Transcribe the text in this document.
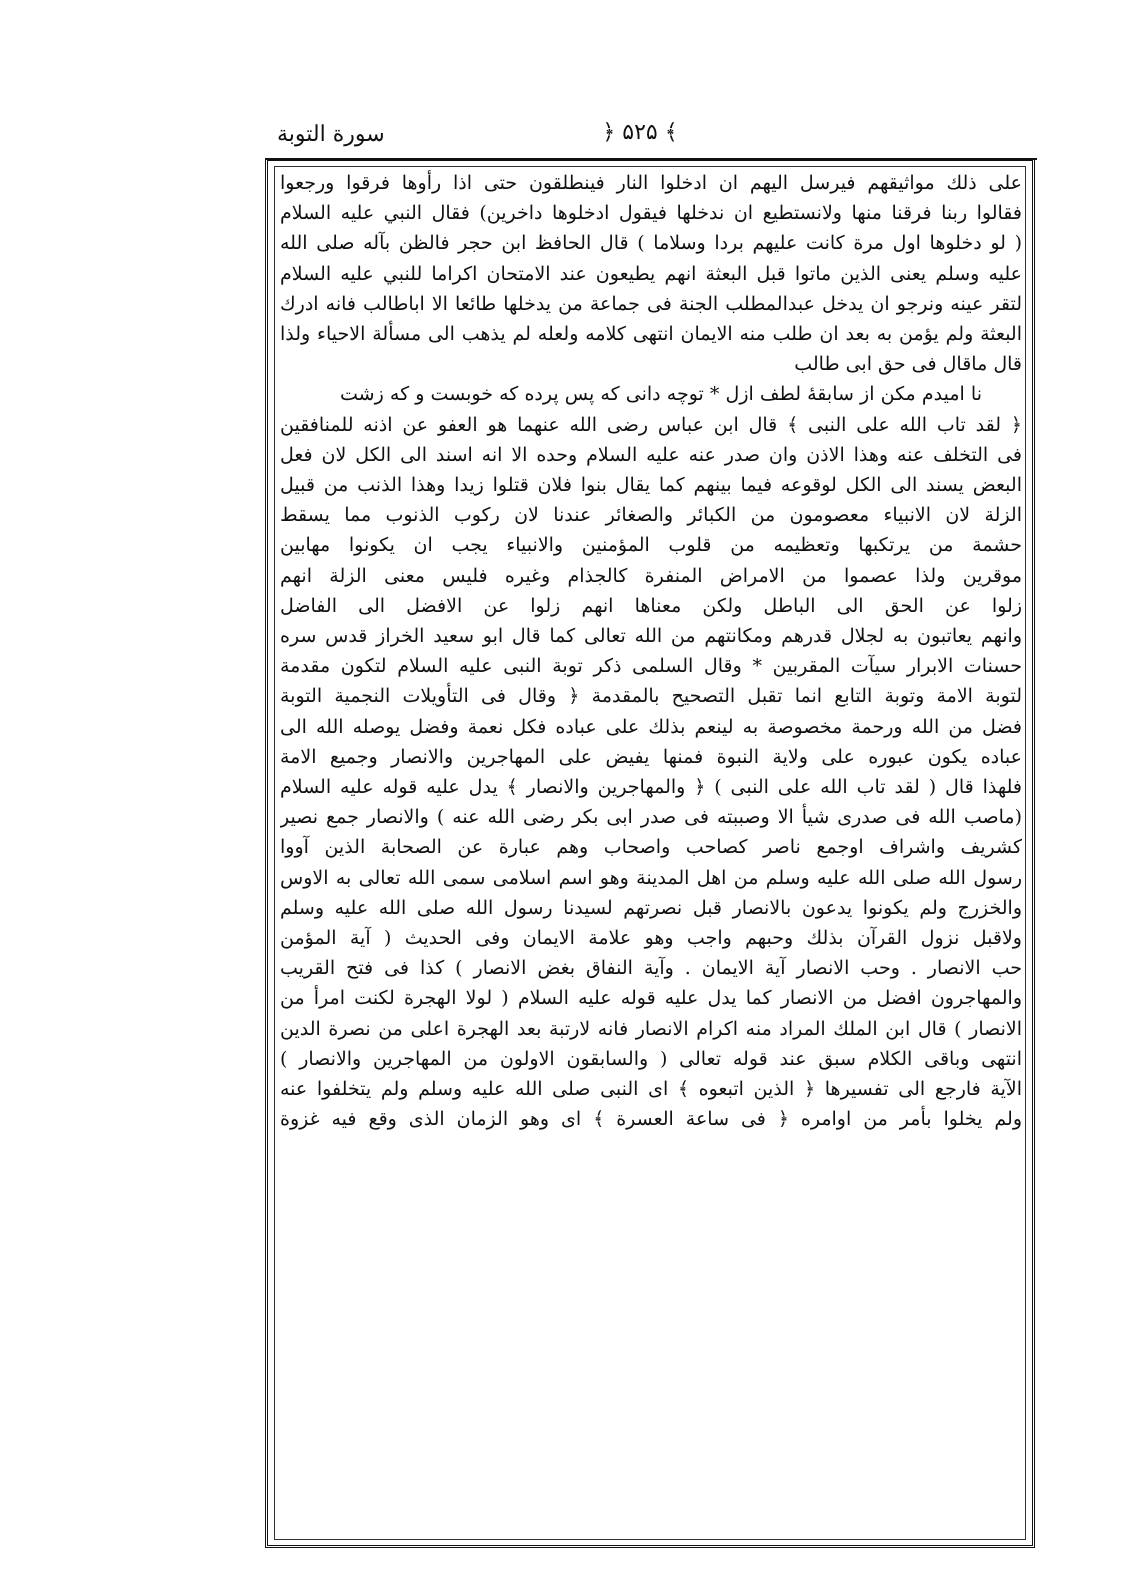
سورة التوبة	﴾ ۵۲۵ ﴿
على ذلك مواثيقهم فيرسل اليهم ان ادخلوا النار فينطلقون حتى اذا رأوها فرقوا ورجعوا
فقالوا ربنا فرقنا منها ولانستطيع ان ندخلها فيقول ادخلوها داخرين) فقال النبي عليه السلام
( لو دخلوها اول مرة كانت عليهم بردا وسلاما ) قال الحافظ ابن حجر فالظن بآله صلى الله
عليه وسلم يعنى الذين ماتوا قبل البعثة انهم يطيعون عند الامتحان اكراما للنبي عليه السلام
لتقر عينه ونرجو ان يدخل عبدالمطلب الجنة فى جماعة من يدخلها طائعا الا اباطالب فانه ادرك
البعثة ولم يؤمن به بعد ان طلب منه الايمان انتهى كلامه ولعله لم يذهب الى مسألة الاحياء ولذا
قال ماقال فى حق ابى طالب
نا اميدم مكن از سابقهٔ لطف ازل * توچه دانى كه پس پرده كه خوبست و كه زشت
﴿ لقد تاب الله على النبى ﴾ قال ابن عباس رضى الله عنهما هو العفو عن اذنه للمنافقين
فى التخلف عنه وهذا الاذن وان صدر عنه عليه السلام وحده الا انه اسند الى الكل لان فعل
البعض يسند الى الكل لوقوعه فيما بينهم كما يقال بنوا فلان قتلوا زيدا وهذا الذنب من قبيل
الزلة لان الانبياء معصومون من الكبائر والصغائر عندنا لان ركوب الذنوب مما يسقط
حشمة من يرتكبها وتعظيمه من قلوب المؤمنين والانبياء يجب ان يكونوا مهابين
موقرين ولذا عصموا من الامراض المنفرة كالجذام وغيره فليس معنى الزلة انهم
زلوا عن الحق الى الباطل ولكن معناها انهم زلوا عن الافضل الى الفاضل
وانهم يعاتبون به لجلال قدرهم ومكانتهم من الله تعالى كما قال ابو سعيد الخراز قدس سره
حسنات الابرار سيآت المقربين * وقال السلمى ذكر توبة النبى عليه السلام لتكون مقدمة
لتوبة الامة وتوبة التابع انما تقبل التصحيح بالمقدمة ﴿ وقال فى التأويلات النجمية التوبة
فضل من الله ورحمة مخصوصة به لينعم بذلك على عباده فكل نعمة وفضل يوصله الله الى
عباده يكون عبوره على ولاية النبوة فمنها يفيض على المهاجرين والانصار وجميع الامة
فلهذا قال ( لقد تاب الله على النبى ) ﴿ والمهاجرين والانصار ﴾ يدل عليه قوله عليه السلام
(ماصب الله فى صدرى شيأ الا وصببته فى صدر ابى بكر رضى الله عنه ) والانصار جمع نصير
كشريف واشراف اوجمع ناصر كصاحب واصحاب وهم عبارة عن الصحابة الذين آووا
رسول الله صلى الله عليه وسلم من اهل المدينة وهو اسم اسلامى سمى الله تعالى به الاوس
والخزرج ولم يكونوا يدعون بالانصار قبل نصرتهم لسيدنا رسول الله صلى الله عليه وسلم
ولاقبل نزول القرآن بذلك وحبهم واجب وهو علامة الايمان وفى الحديث ( آية المؤمن
حب الانصار . وحب الانصار آية الايمان . وآية النفاق بغض الانصار ) كذا فى فتح القريب
والمهاجرون افضل من الانصار كما يدل عليه قوله عليه السلام ( لولا الهجرة لكنت امرأ من
الانصار ) قال ابن الملك المراد منه اكرام الانصار فانه لارتبة بعد الهجرة اعلى من نصرة الدين
انتهى وباقى الكلام سبق عند قوله تعالى ( والسابقون الاولون من المهاجرين والانصار )
الآية فارجع الى تفسيرها ﴿ الذين اتبعوه ﴾ اى النبى صلى الله عليه وسلم ولم يتخلفوا عنه
ولم يخلوا بأمر من اوامره ﴿ فى ساعة العسرة ﴾ اى وهو الزمان الذى وقع فيه غزوة
